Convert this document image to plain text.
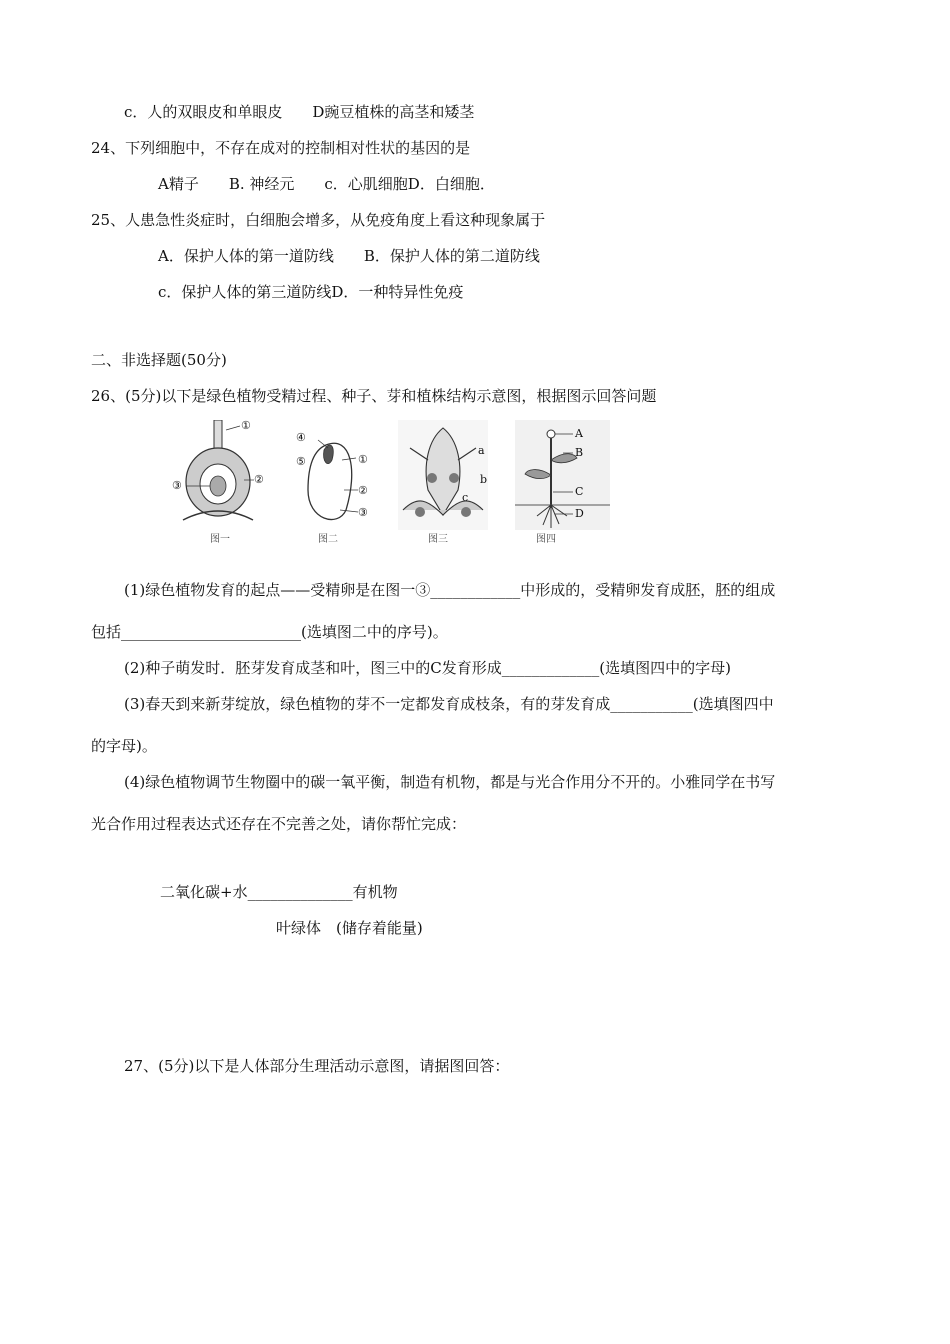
c．人的双眼皮和单眼皮　　D豌豆植株的高茎和矮茎
24、下列细胞中，不存在成对的控制相对性状的基因的是
A精子　　B. 神经元　　c．心肌细胞D．白细胞．
25、人患急性炎症时，白细胞会增多，从免疫角度上看这种现象属于
A．保护人体的第一道防线　　B．保护人体的第二道防线
c．保护人体的第三道防线D．一种特异性免疫
二、非选择题(50分)
26、(5分)以下是绿色植物受精过程、种子、芽和植株结构示意图，根据图示回答问题
①
②
③
图一
④
⑤	①
②
③
图二
a
b
c
图三
A
B
C
D
图四
(1)绿色植物发育的起点——受精卵是在图一③____________中形成的，受精卵发育成胚，胚的组成
包括________________________(选填图二中的序号)。
(2)种子萌发时．胚芽发育成茎和叶，图三中的C发育形成_____________(选填图四中的字母)
(3)春天到来新芽绽放，绿色植物的芽不一定都发育成枝条，有的芽发育成___________(选填图四中
的字母)。
(4)绿色植物调节生物圈中的碳一氧平衡，制造有机物，都是与光合作用分不开的。小雅同学在书写
光合作用过程表达式还存在不完善之处，请你帮忙完成：
二氧化碳+水______________有机物
叶绿体　(储存着能量)
27、(5分)以下是人体部分生理活动示意图，请据图回答：
